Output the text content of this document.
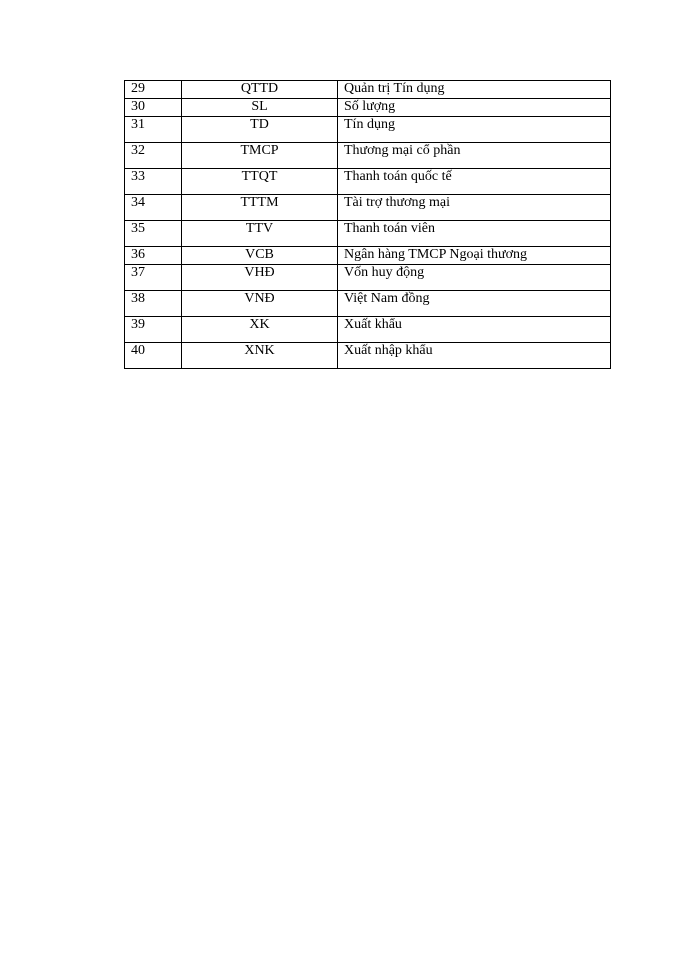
29	QTTD	Quản trị Tín dụng
30	SL	Số lượng
31	TD	Tín dụng
32	TMCP	Thương mại cổ phần
33	TTQT	Thanh toán quốc tế
34	TTTM	Tài trợ thương mại
35	TTV	Thanh toán viên
36	VCB	Ngân hàng TMCP Ngoại thương
37	VHĐ	Vốn huy động
38	VNĐ	Việt Nam đồng
39	XK	Xuất khẩu
40	XNK	Xuất nhập khẩu
